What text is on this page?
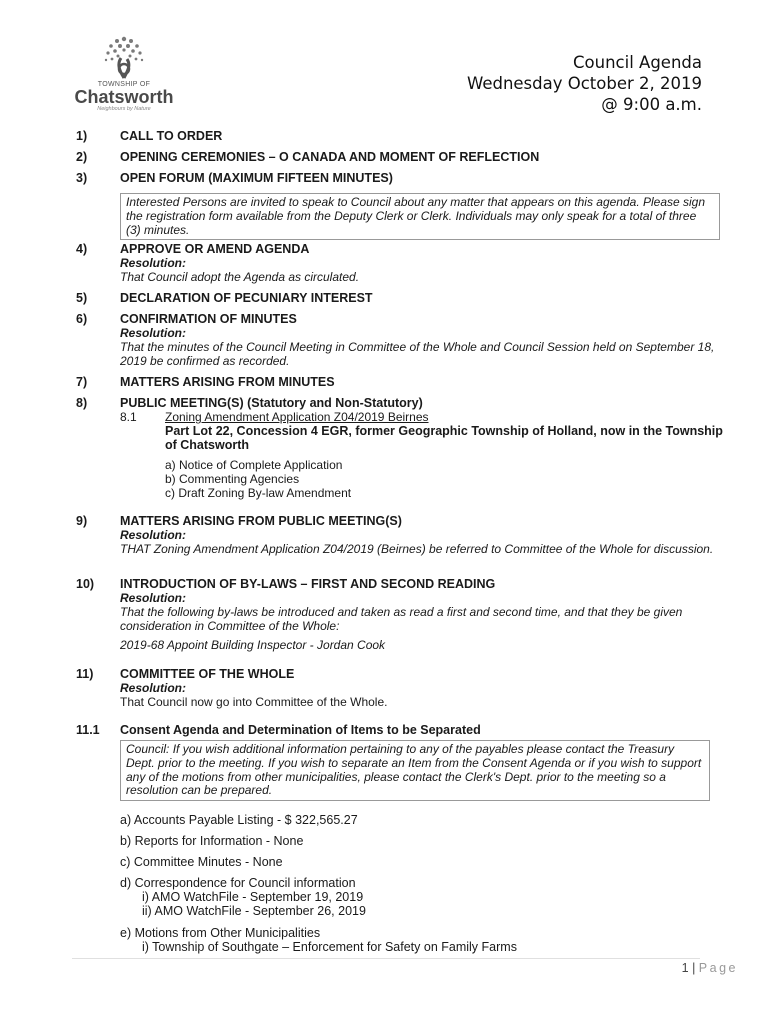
TOWNSHIP OF
Chatsworth
Neighbours by Nature
Council Agenda
Wednesday October 2, 2019
@ 9:00 a.m.
1)	CALL TO ORDER
2)	OPENING CEREMONIES – O CANADA AND MOMENT OF REFLECTION
3)	OPEN FORUM (MAXIMUM FIFTEEN MINUTES)
Interested Persons are invited to speak to Council about any matter that appears on this agenda. Please sign the registration form available from the Deputy Clerk or Clerk. Individuals may only speak for a total of three (3) minutes.
4)	APPROVE OR AMEND AGENDA
Resolution:
That Council adopt the Agenda as circulated.
5)	DECLARATION OF PECUNIARY INTEREST
6)	CONFIRMATION OF MINUTES
Resolution:
That the minutes of the Council Meeting in Committee of the Whole and Council Session held on September 18, 2019 be confirmed as recorded.
7)	MATTERS ARISING FROM MINUTES
8)	PUBLIC MEETING(S) (Statutory and Non-Statutory)
8.1 Zoning Amendment Application Z04/2019 Beirnes
Part Lot 22, Concession 4 EGR, former Geographic Township of Holland, now in the Township of Chatsworth
a) Notice of Complete Application
b) Commenting Agencies
c) Draft Zoning By-law Amendment
9)	MATTERS ARISING FROM PUBLIC MEETING(S)
Resolution:
THAT Zoning Amendment Application Z04/2019 (Beirnes) be referred to Committee of the Whole for discussion.
10)	INTRODUCTION OF BY-LAWS – FIRST AND SECOND READING
Resolution:
That the following by-laws be introduced and taken as read a first and second time, and that they be given consideration in Committee of the Whole:
2019-68 Appoint Building Inspector - Jordan Cook
11)	COMMITTEE OF THE WHOLE
Resolution:
That Council now go into Committee of the Whole.
11.1	Consent Agenda and Determination of Items to be Separated
Council: If you wish additional information pertaining to any of the payables please contact the Treasury Dept. prior to the meeting. If you wish to separate an Item from the Consent Agenda or if you wish to support any of the motions from other municipalities, please contact the Clerk's Dept. prior to the meeting so a resolution can be prepared.
a) Accounts Payable Listing - $ 322,565.27
b) Reports for Information - None
c) Committee Minutes - None
d) Correspondence for Council information
i) AMO WatchFile - September 19, 2019
ii) AMO WatchFile - September 26, 2019
e) Motions from Other Municipalities
i) Township of Southgate – Enforcement for Safety on Family Farms
1 | Page
